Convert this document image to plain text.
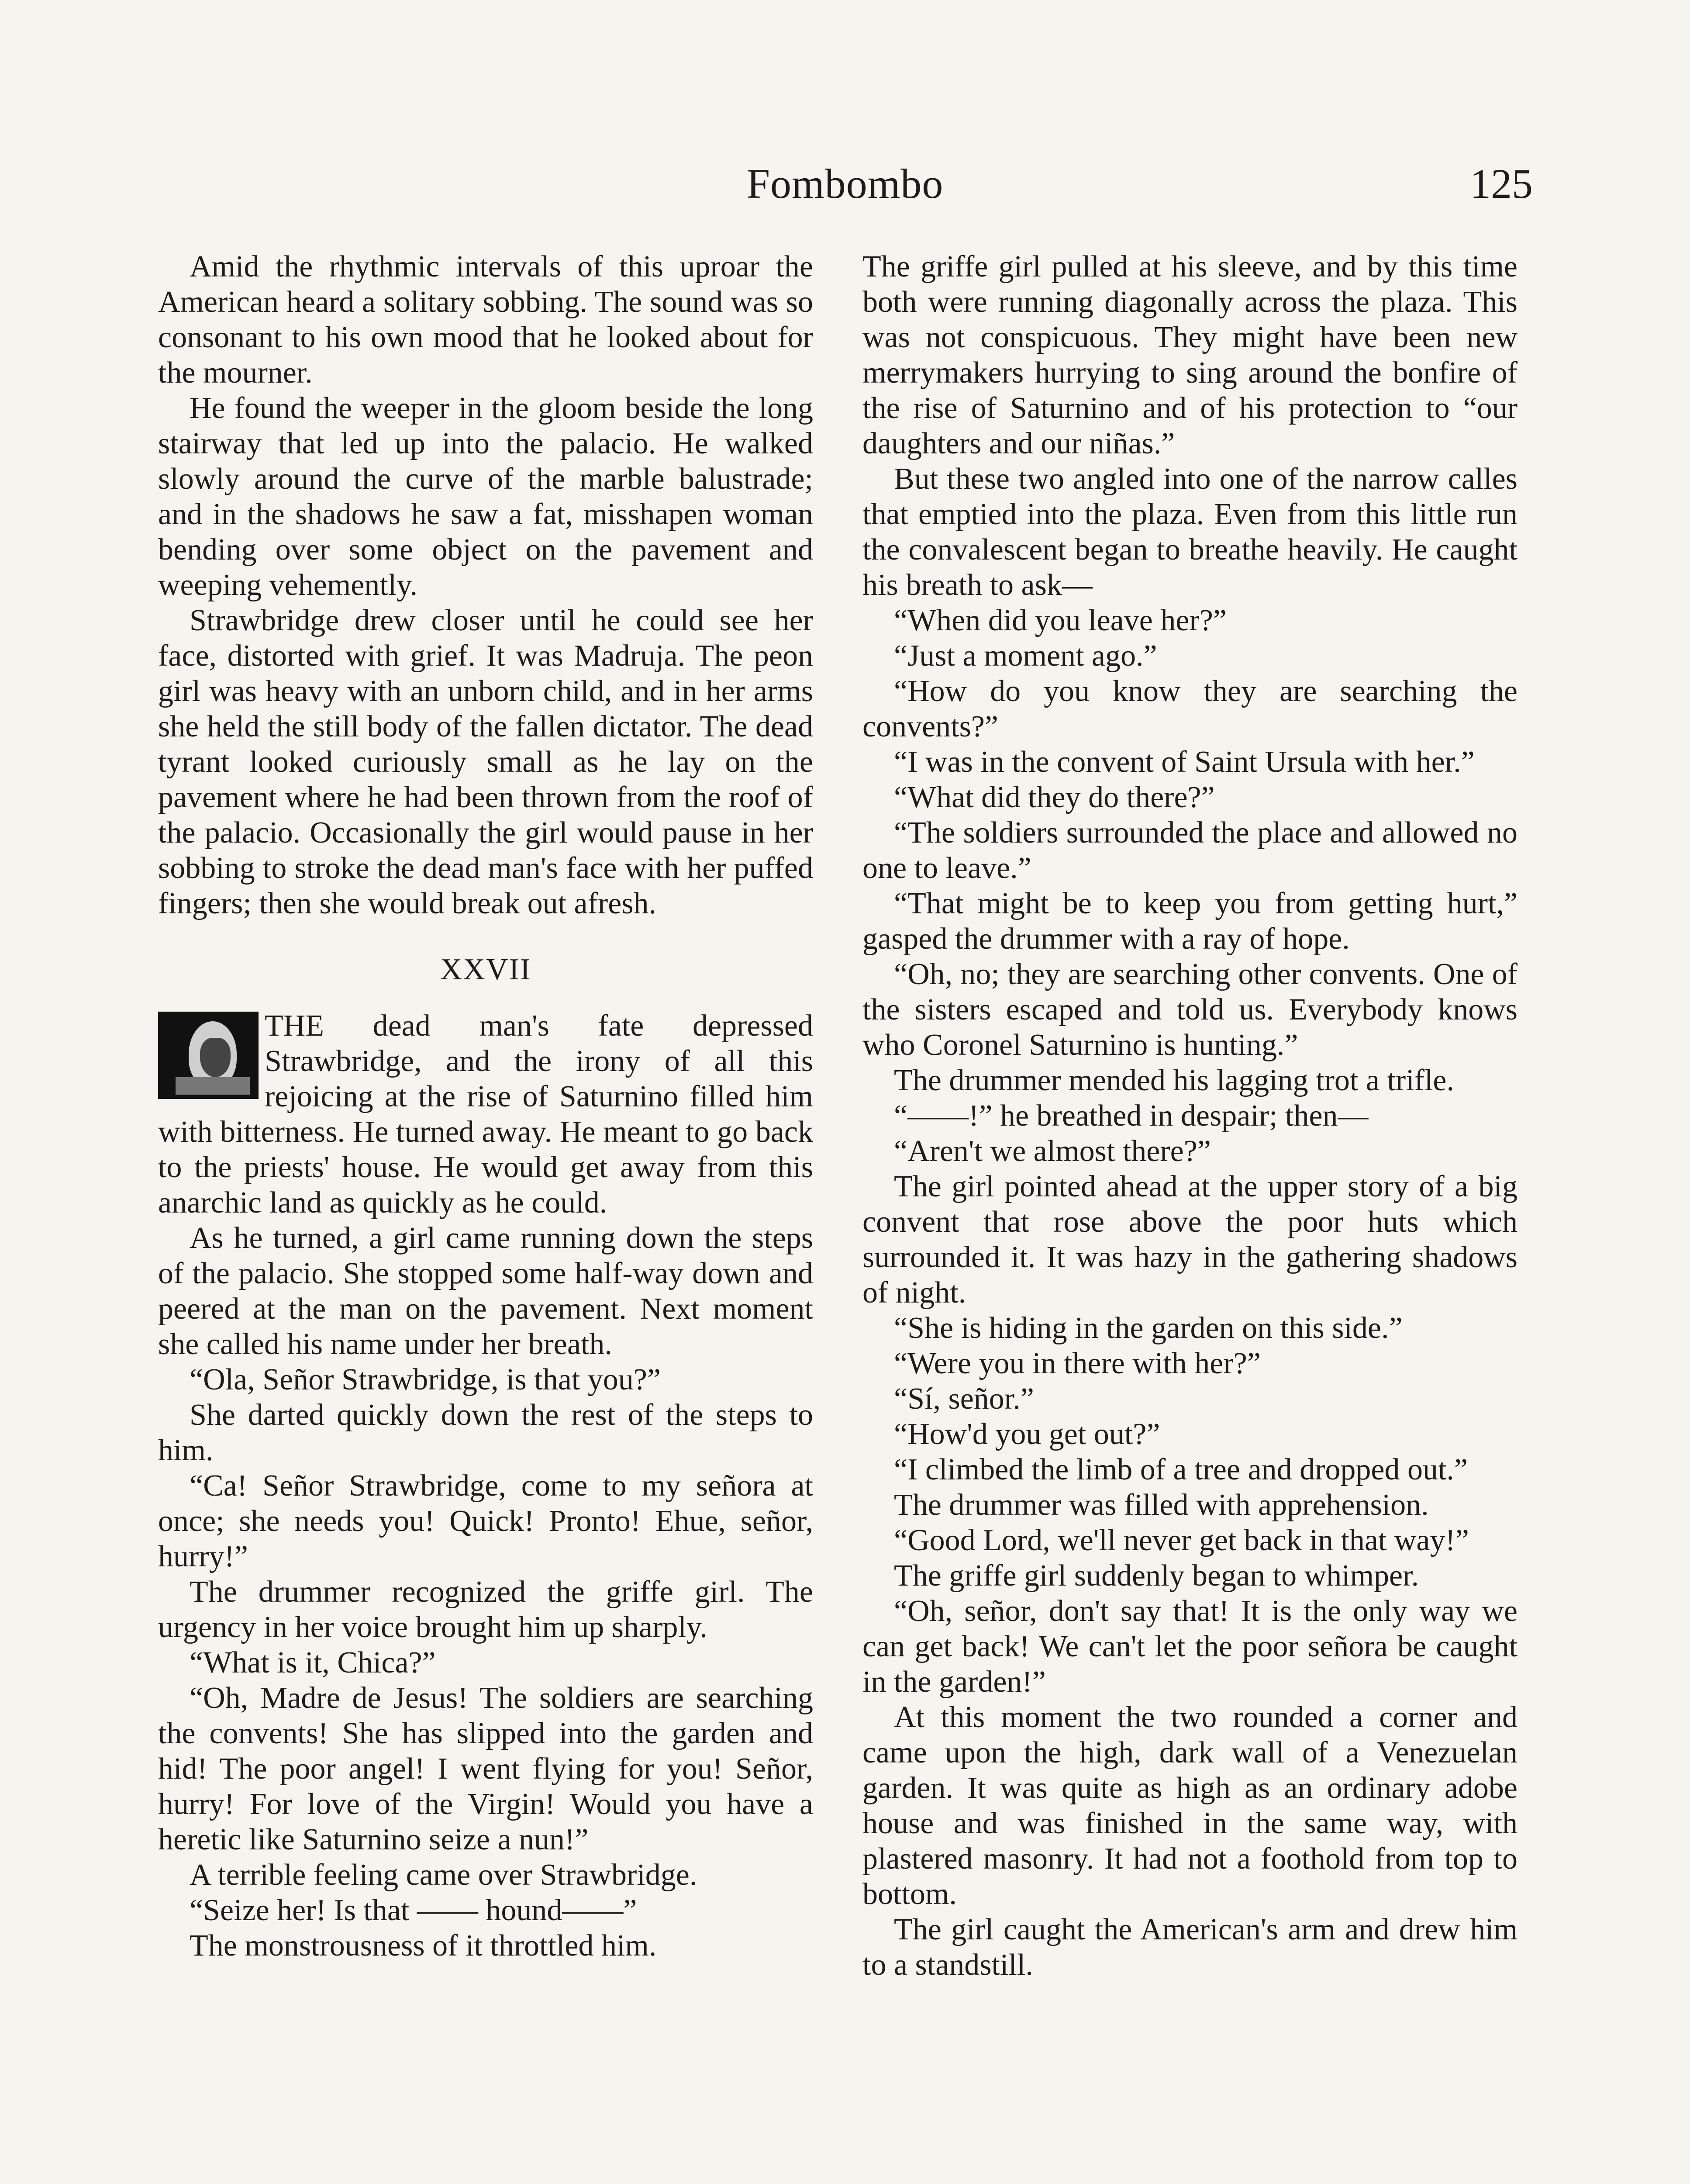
Fombombo	125

Amid the rhythmic intervals of this uproar the American heard a solitary sobbing. The sound was so consonant to his own mood that he looked about for the mourner.

He found the weeper in the gloom beside the long stairway that led up into the palacio. He walked slowly around the curve of the marble balustrade; and in the shadows he saw a fat, misshapen woman bending over some object on the pavement and weeping vehemently.

Strawbridge drew closer until he could see her face, distorted with grief. It was Madruja. The peon girl was heavy with an unborn child, and in her arms she held the still body of the fallen dictator. The dead tyrant looked curiously small as he lay on the pavement where he had been thrown from the roof of the palacio. Occasionally the girl would pause in her sobbing to stroke the dead man's face with her puffed fingers; then she would break out afresh.

XXVII

THE dead man's fate depressed Strawbridge, and the irony of all this rejoicing at the rise of Saturnino filled him with bitterness. He turned away. He meant to go back to the priests' house. He would get away from this anarchic land as quickly as he could.

As he turned, a girl came running down the steps of the palacio. She stopped some half-way down and peered at the man on the pavement. Next moment she called his name under her breath.

“Ola, Señor Strawbridge, is that you?”

She darted quickly down the rest of the steps to him.

“Ca! Señor Strawbridge, come to my señora at once; she needs you! Quick! Pronto! Ehue, señor, hurry!”

The drummer recognized the griffe girl. The urgency in her voice brought him up sharply.

“What is it, Chica?”

“Oh, Madre de Jesus! The soldiers are searching the convents! She has slipped into the garden and hid! The poor angel! I went flying for you! Señor, hurry! For love of the Virgin! Would you have a heretic like Saturnino seize a nun!”

A terrible feeling came over Strawbridge.

“Seize her! Is that —— hound——”

The monstrousness of it throttled him.

The griffe girl pulled at his sleeve, and by this time both were running diagonally across the plaza. This was not conspicuous. They might have been new merrymakers hurrying to sing around the bonfire of the rise of Saturnino and of his protection to “our daughters and our niñas.”

But these two angled into one of the narrow calles that emptied into the plaza. Even from this little run the convalescent began to breathe heavily. He caught his breath to ask—

“When did you leave her?”

“Just a moment ago.”

“How do you know they are searching the convents?”

“I was in the convent of Saint Ursula with her.”

“What did they do there?”

“The soldiers surrounded the place and allowed no one to leave.”

“That might be to keep you from getting hurt,” gasped the drummer with a ray of hope.

“Oh, no; they are searching other convents. One of the sisters escaped and told us. Everybody knows who Coronel Saturnino is hunting.”

The drummer mended his lagging trot a trifle.

“——!” he breathed in despair; then—

“Aren't we almost there?”

The girl pointed ahead at the upper story of a big convent that rose above the poor huts which surrounded it. It was hazy in the gathering shadows of night.

“She is hiding in the garden on this side.”

“Were you in there with her?”

“Sí, señor.”

“How'd you get out?”

“I climbed the limb of a tree and dropped out.”

The drummer was filled with apprehension.

“Good Lord, we'll never get back in that way!”

The griffe girl suddenly began to whimper.

“Oh, señor, don't say that! It is the only way we can get back! We can't let the poor señora be caught in the garden!”

At this moment the two rounded a corner and came upon the high, dark wall of a Venezuelan garden. It was quite as high as an ordinary adobe house and was finished in the same way, with plastered masonry. It had not a foothold from top to bottom.

The girl caught the American's arm and drew him to a standstill.
